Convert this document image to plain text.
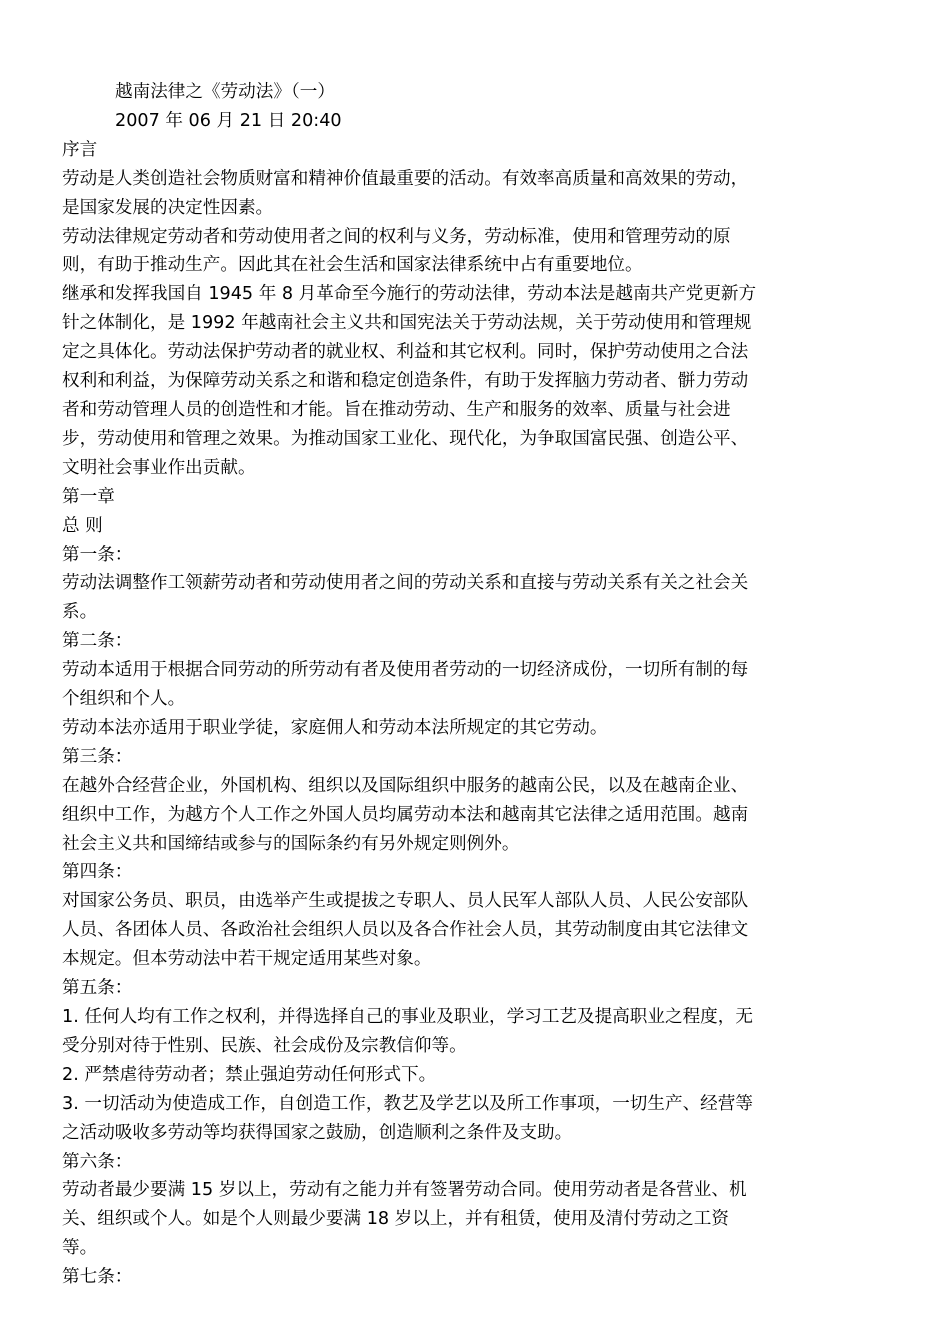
越南法律之《劳动法》（一）

2007 年 06 月 21 日 20:40

序言

劳动是人类创造社会物质财富和精神价值最重要的活动。有效率高质量和高效果的劳动，是国家发展的决定性因素。

劳动法律规定劳动者和劳动使用者之间的权利与义务，劳动标准，使用和管理劳动的原则，有助于推动生产。因此其在社会生活和国家法律系统中占有重要地位。

继承和发挥我国自 1945 年 8 月革命至今施行的劳动法律，劳动本法是越南共产党更新方针之体制化，是 1992 年越南社会主义共和国宪法关于劳动法规，关于劳动使用和管理规定之具体化。劳动法保护劳动者的就业权、利益和其它权利。同时，保护劳动使用之合法权利和利益，为保障劳动关系之和谐和稳定创造条件，有助于发挥脑力劳动者、骿力劳动者和劳动管理人员的创造性和才能。旨在推动劳动、生产和服务的效率、质量与社会进步，劳动使用和管理之效果。为推动国家工业化、现代化，为争取国富民强、创造公平、文明社会事业作出贡献。

第一章

总 则

第一条：

劳动法调整作工领薪劳动者和劳动使用者之间的劳动关系和直接与劳动关系有关之社会关系。

第二条：

劳动本适用于根据合同劳动的所劳动有者及使用者劳动的一切经济成份，一切所有制的每个组织和个人。

劳动本法亦适用于职业学徒，家庭佣人和劳动本法所规定的其它劳动。

第三条：

在越外合经营企业，外国机构、组织以及国际组织中服务的越南公民，以及在越南企业、组织中工作，为越方个人工作之外国人员均属劳动本法和越南其它法律之适用范围。越南社会主义共和国缔结或参与的国际条约有另外规定则例外。

第四条：

对国家公务员、职员，由选举产生或提拔之专职人、员人民军人部队人员、人民公安部队人员、各团体人员、各政治社会组织人员以及各合作社会人员，其劳动制度由其它法律文本规定。但本劳动法中若干规定适用某些对象。

第五条：

1. 任何人均有工作之权利，并得选择自己的事业及职业，学习工艺及提高职业之程度，无受分别对待于性别、民族、社会成份及宗教信仰等。

2. 严禁虐待劳动者；禁止强迫劳动任何形式下。

3. 一切活动为使造成工作，自创造工作，教艺及学艺以及所工作事项，一切生产、经营等之活动吸收多劳动等均获得国家之鼓励，创造顺利之条件及支助。

第六条：

劳动者最少要满 15 岁以上，劳动有之能力并有签署劳动合同。使用劳动者是各营业、机关、组织或个人。如是个人则最少要满 18 岁以上，并有租赁，使用及清付劳动之工资等。

第七条：
